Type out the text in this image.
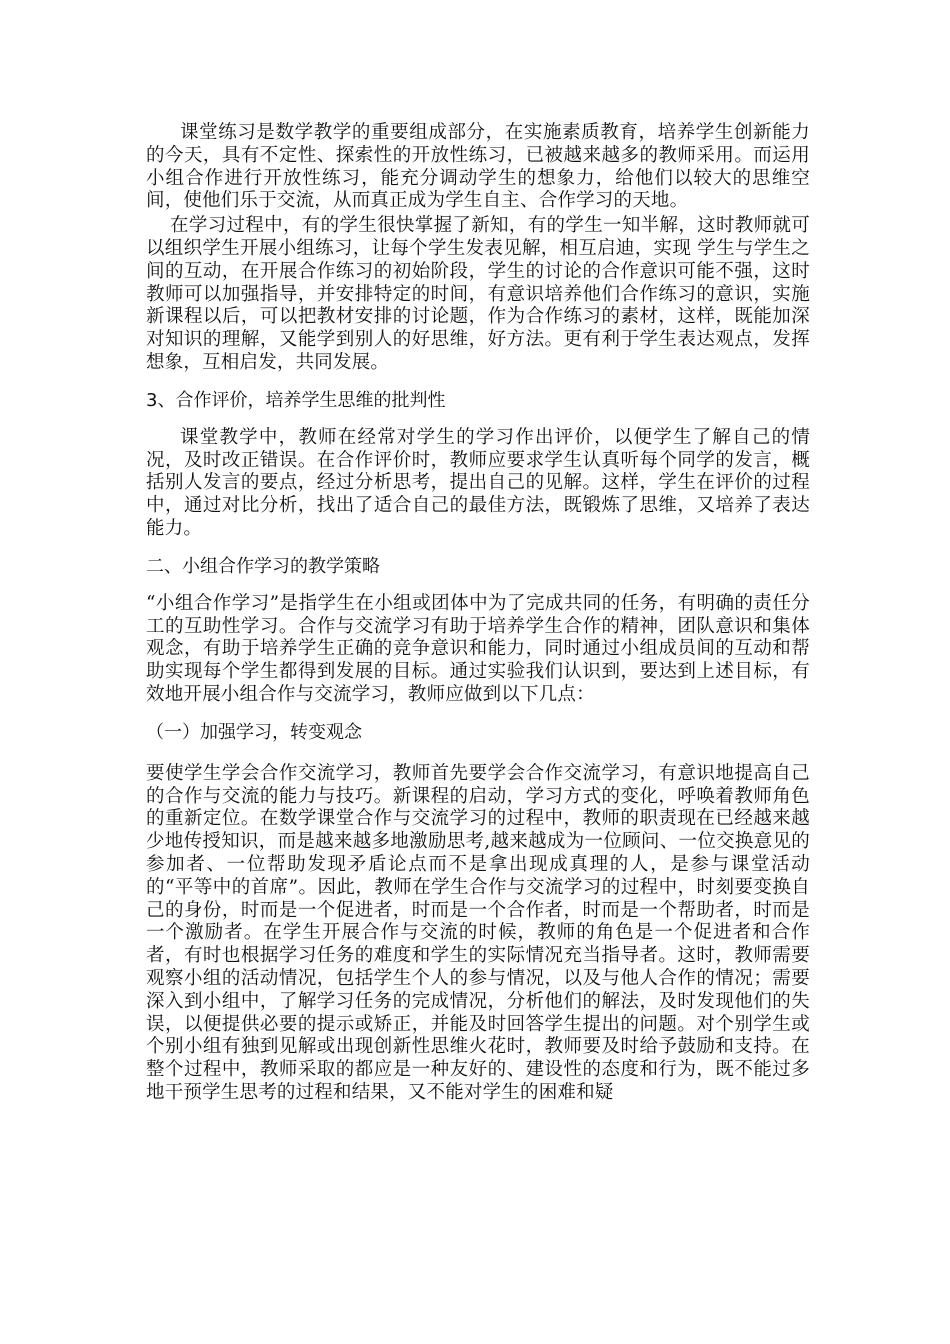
课堂练习是数学教学的重要组成部分，在实施素质教育，培养学生创新能力的今天，具有不定性、探索性的开放性练习，已被越来越多的教师采用。而运用小组合作进行开放性练习，能充分调动学生的想象力，给他们以较大的思维空间，使他们乐于交流，从而真正成为学生自主、合作学习的天地。

在学习过程中，有的学生很快掌握了新知，有的学生一知半解，这时教师就可以组织学生开展小组练习，让每个学生发表见解，相互启迪，实现 学生与学生之间的互动，在开展合作练习的初始阶段，学生的讨论的合作意识可能不强，这时教师可以加强指导，并安排特定的时间，有意识培养他们合作练习的意识，实施新课程以后，可以把教材安排的讨论题，作为合作练习的素材，这样，既能加深对知识的理解，又能学到别人的好思维，好方法。更有利于学生表达观点，发挥想象，互相启发，共同发展。

3、合作评价，培养学生思维的批判性

课堂教学中，教师在经常对学生的学习作出评价，以便学生了解自己的情况，及时改正错误。在合作评价时，教师应要求学生认真听每个同学的发言，概括别人发言的要点，经过分析思考，提出自己的见解。这样，学生在评价的过程中，通过对比分析，找出了适合自己的最佳方法，既锻炼了思维，又培养了表达能力。

二、小组合作学习的教学策略

“小组合作学习”是指学生在小组或团体中为了完成共同的任务，有明确的责任分工的互助性学习。合作与交流学习有助于培养学生合作的精神，团队意识和集体观念，有助于培养学生正确的竞争意识和能力，同时通过小组成员间的互动和帮助实现每个学生都得到发展的目标。通过实验我们认识到，要达到上述目标，有效地开展小组合作与交流学习，教师应做到以下几点：

（一）加强学习，转变观念

要使学生学会合作交流学习，教师首先要学会合作交流学习，有意识地提高自己的合作与交流的能力与技巧。新课程的启动，学习方式的变化，呼唤着教师角色的重新定位。在数学课堂合作与交流学习的过程中，教师的职责现在已经越来越少地传授知识，而是越来越多地激励思考,越来越成为一位顾问、一位交换意见的参加者、一位帮助发现矛盾论点而不是拿出现成真理的人，是参与课堂活动的“平等中的首席”。因此，教师在学生合作与交流学习的过程中，时刻要变换自己的身份，时而是一个促进者，时而是一个合作者，时而是一个帮助者，时而是一个激励者。在学生开展合作与交流的时候，教师的角色是一个促进者和合作者，有时也根据学习任务的难度和学生的实际情况充当指导者。这时，教师需要观察小组的活动情况，包括学生个人的参与情况，以及与他人合作的情况；需要深入到小组中，了解学习任务的完成情况，分析他们的解法，及时发现他们的失误，以便提供必要的提示或矫正，并能及时回答学生提出的问题。对个别学生或个别小组有独到见解或出现创新性思维火花时，教师要及时给予鼓励和支持。在整个过程中，教师采取的都应是一种友好的、建设性的态度和行为，既不能过多地干预学生思考的过程和结果，又不能对学生的困难和疑
